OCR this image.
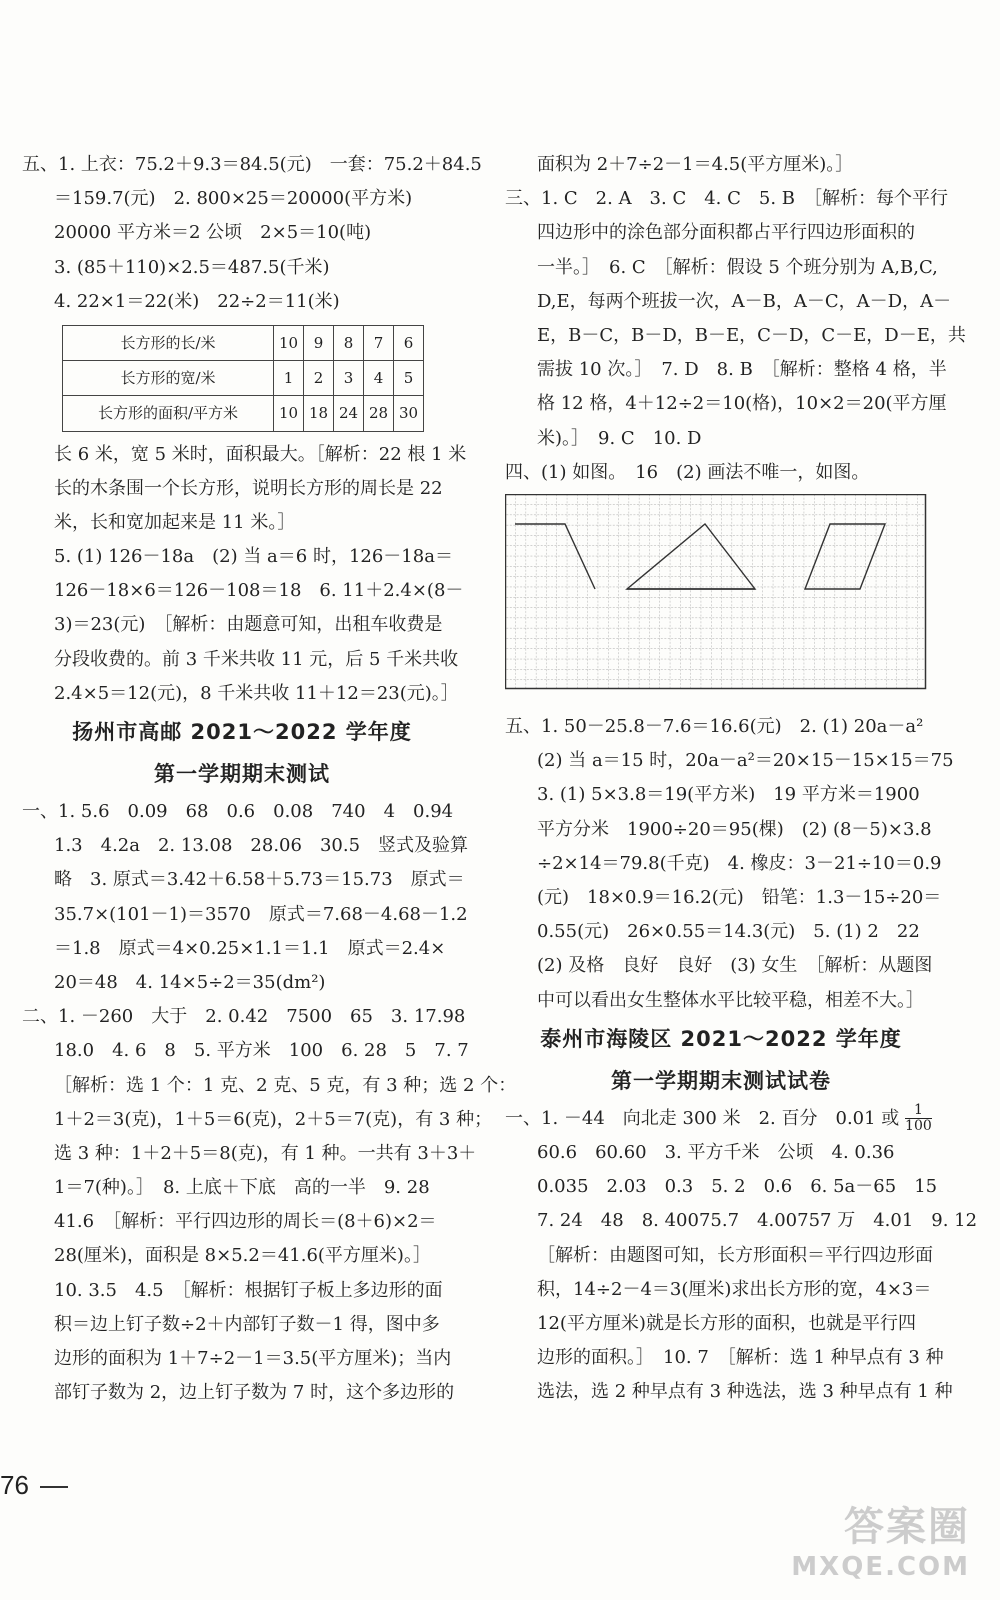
五、1. 上衣：75.2＋9.3＝84.5(元)　一套：75.2＋84.5
＝159.7(元)　2. 800×25＝20000(平方米)
20000 平方米＝2 公顷　2×5＝10(吨)
3. (85＋110)×2.5＝487.5(千米)
4. 22×1＝22(米)　22÷2＝11(米)
长方形的长/米	10	9	8	7	6
长方形的宽/米	1	2	3	4	5
长方形的面积/平方米	10	18	24	28	30
长 6 米，宽 5 米时，面积最大。［解析：22 根 1 米
长的木条围一个长方形，说明长方形的周长是 22
米，长和宽加起来是 11 米。］
5. (1) 126－18a　(2) 当 a＝6 时，126－18a＝
126－18×6＝126－108＝18　6. 11＋2.4×(8－
3)＝23(元)　［解析：由题意可知，出租车收费是
分段收费的。前 3 千米共收 11 元，后 5 千米共收
2.4×5＝12(元)，8 千米共收 11＋12＝23(元)。］
扬州市高邮 2021～2022 学年度
第一学期期末测试
一、1. 5.6　0.09　68　0.6　0.08　740　4　0.94
1.3　4.2a　2. 13.08　28.06　30.5　竖式及验算
略　3. 原式＝3.42＋6.58＋5.73＝15.73　原式＝
35.7×(101－1)＝3570　原式＝7.68－4.68－1.2
＝1.8　原式＝4×0.25×1.1＝1.1　原式＝2.4×
20＝48　4. 14×5÷2＝35(dm²)
二、1. －260　大于　2. 0.42　7500　65　3. 17.98
18.0　4. 6　8　5. 平方米　100　6. 28　5　7. 7
［解析：选 1 个：1 克、2 克、5 克，有 3 种；选 2 个：
1＋2＝3(克)，1＋5＝6(克)，2＋5＝7(克)，有 3 种；
选 3 种：1＋2＋5＝8(克)，有 1 种。一共有 3＋3＋
1＝7(种)。］　8. 上底＋下底　高的一半　9. 28
41.6　［解析：平行四边形的周长＝(8＋6)×2＝
28(厘米)，面积是 8×5.2＝41.6(平方厘米)。］
10. 3.5　4.5　［解析：根据钉子板上多边形的面
积＝边上钉子数÷2＋内部钉子数－1 得，图中多
边形的面积为 1＋7÷2－1＝3.5(平方厘米)；当内
部钉子数为 2，边上钉子数为 7 时，这个多边形的
面积为 2＋7÷2－1＝4.5(平方厘米)。］
三、1. C　2. A　3. C　4. C　5. B　［解析：每个平行
四边形中的涂色部分面积都占平行四边形面积的
一半。］　6. C　［解析：假设 5 个班分别为 A,B,C,
D,E，每两个班拔一次，A－B，A－C，A－D，A－
E，B－C，B－D，B－E，C－D，C－E，D－E，共
需拔 10 次。］　7. D　8. B　［解析：整格 4 格，半
格 12 格，4＋12÷2＝10(格)，10×2＝20(平方厘
米)。］　9. C　10. D
四、(1) 如图。　16　(2) 画法不唯一，如图。
五、1. 50－25.8－7.6＝16.6(元)　2. (1) 20a－a²
(2) 当 a＝15 时，20a－a²＝20×15－15×15＝75
3. (1) 5×3.8＝19(平方米)　19 平方米＝1900
平方分米　1900÷20＝95(棵)　(2) (8－5)×3.8
÷2×14＝79.8(千克)　4. 橡皮：3－21÷10＝0.9
(元)　18×0.9＝16.2(元)　铅笔：1.3－15÷20＝
0.55(元)　26×0.55＝14.3(元)　5. (1) 2　22
(2) 及格　良好　良好　(3) 女生　［解析：从题图
中可以看出女生整体水平比较平稳，相差不大。］
泰州市海陵区 2021～2022 学年度
第一学期期末测试试卷
一、1. －44　向北走 300 米　2. 百分　0.01 或 $\frac{1}{100}$
60.6　60.60　3. 平方千米　公顷　4. 0.36
0.035　2.03　0.3　5. 2　0.6　6. 5a－65　15
7. 24　48　8. 40075.7　4.00757 万　4.01　9. 12
［解析：由题图可知，长方形面积＝平行四边形面
积，14÷2－4＝3(厘米)求出长方形的宽，4×3＝
12(平方厘米)就是长方形的面积，也就是平行四
边形的面积。］　10. 7　［解析：选 1 种早点有 3 种
选法，选 2 种早点有 3 种选法，选 3 种早点有 1 种
76
答案圈
MXQE.COM
